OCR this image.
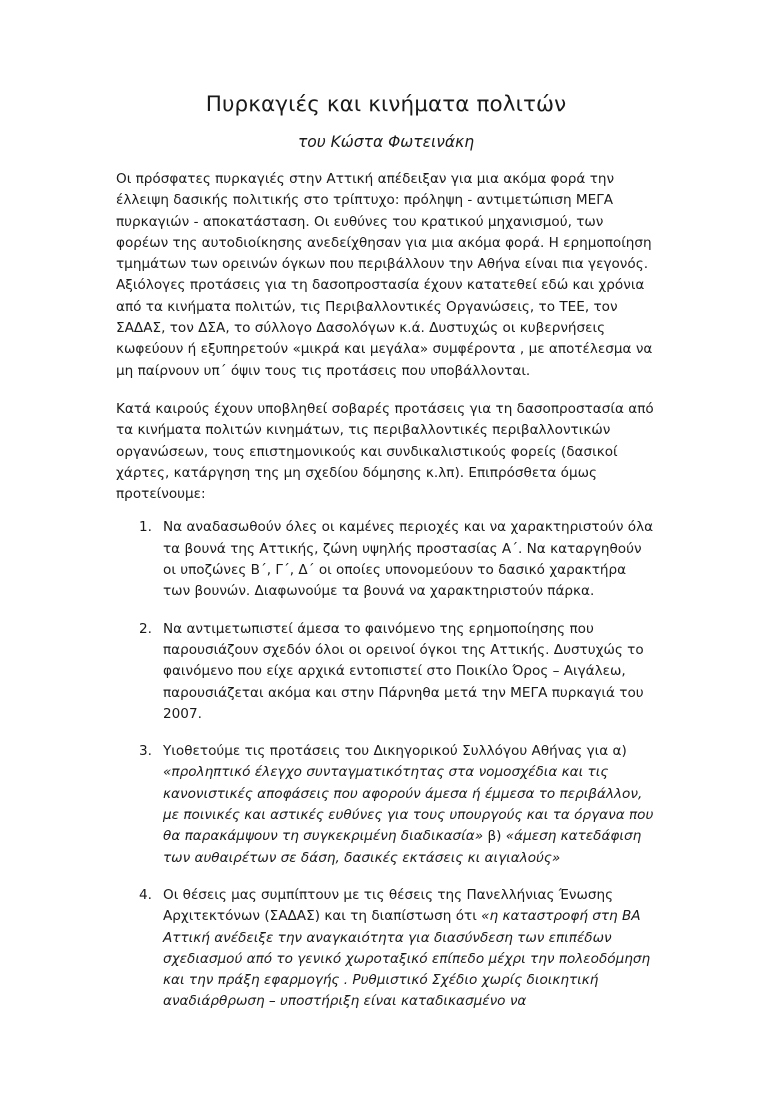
Πυρκαγιές και κινήματα πολιτών

του Κώστα Φωτεινάκη

Οι πρόσφατες πυρκαγιές στην Αττική απέδειξαν για μια ακόμα φορά την έλλειψη δασικής πολιτικής στο τρίπτυχο: πρόληψη - αντιμετώπιση ΜΕΓΑ πυρκαγιών - αποκατάσταση. Οι ευθύνες του κρατικού μηχανισμού, των φορέων της αυτοδιοίκησης ανεδείχθησαν για μια ακόμα φορά. Η ερημοποίηση τμημάτων των ορεινών όγκων που περιβάλλουν την Αθήνα είναι πια γεγονός. Αξιόλογες προτάσεις για τη δασοπροστασία έχουν κατατεθεί εδώ και χρόνια από τα κινήματα πολιτών, τις Περιβαλλοντικές Οργανώσεις, το ΤΕΕ, τον ΣΑΔΑΣ, τον ΔΣΑ, το σύλλογο Δασολόγων κ.ά. Δυστυχώς οι κυβερνήσεις κωφεύουν ή εξυπηρετούν «μικρά και μεγάλα» συμφέροντα , με αποτέλεσμα να μη παίρνουν υπ΄ όψιν τους τις προτάσεις που υποβάλλονται.

Κατά καιρούς έχουν υποβληθεί σοβαρές προτάσεις για τη δασοπροστασία από τα κινήματα πολιτών κινημάτων, τις περιβαλλοντικές περιβαλλοντικών οργανώσεων, τους επιστημονικούς και συνδικαλιστικούς φορείς (δασικοί χάρτες, κατάργηση της μη σχεδίου δόμησης κ.λπ). Επιπρόσθετα όμως προτείνουμε:

1. Να αναδασωθούν όλες οι καμένες περιοχές και να χαρακτηριστούν όλα τα βουνά της Αττικής, ζώνη υψηλής προστασίας Α΄. Να καταργηθούν οι υποζώνες Β΄, Γ΄, Δ΄ οι οποίες υπονομεύουν το δασικό χαρακτήρα των βουνών. Διαφωνούμε τα βουνά να χαρακτηριστούν πάρκα.
2. Να αντιμετωπιστεί άμεσα το φαινόμενο της ερημοποίησης που παρουσιάζουν σχεδόν όλοι οι ορεινοί όγκοι της Αττικής. Δυστυχώς το φαινόμενο που είχε αρχικά εντοπιστεί στο Ποικίλο Όρος – Αιγάλεω, παρουσιάζεται ακόμα και στην Πάρνηθα μετά την ΜΕΓΑ πυρκαγιά του 2007.
3. Υιοθετούμε τις προτάσεις του Δικηγορικού Συλλόγου Αθήνας για α) «προληπτικό έλεγχο συνταγματικότητας στα νομοσχέδια και τις κανονιστικές αποφάσεις που αφορούν άμεσα ή έμμεσα το περιβάλλον, με ποινικές και αστικές ευθύνες για τους υπουργούς και τα όργανα που θα παρακάμψουν τη συγκεκριμένη διαδικασία» β) «άμεση κατεδάφιση των αυθαιρέτων σε δάση, δασικές εκτάσεις κι αιγιαλούς»
4. Οι θέσεις μας συμπίπτουν με τις θέσεις της Πανελλήνιας Ένωσης Αρχιτεκτόνων (ΣΑΔΑΣ) και τη διαπίστωση ότι «η καταστροφή στη ΒΑ Αττική ανέδειξε την αναγκαιότητα για διασύνδεση των επιπέδων σχεδιασμού από το γενικό χωροταξικό επίπεδο μέχρι την πολεοδόμηση και την πράξη εφαρμογής . Ρυθμιστικό Σχέδιο χωρίς διοικητική αναδιάρθρωση – υποστήριξη είναι καταδικασμένο να
